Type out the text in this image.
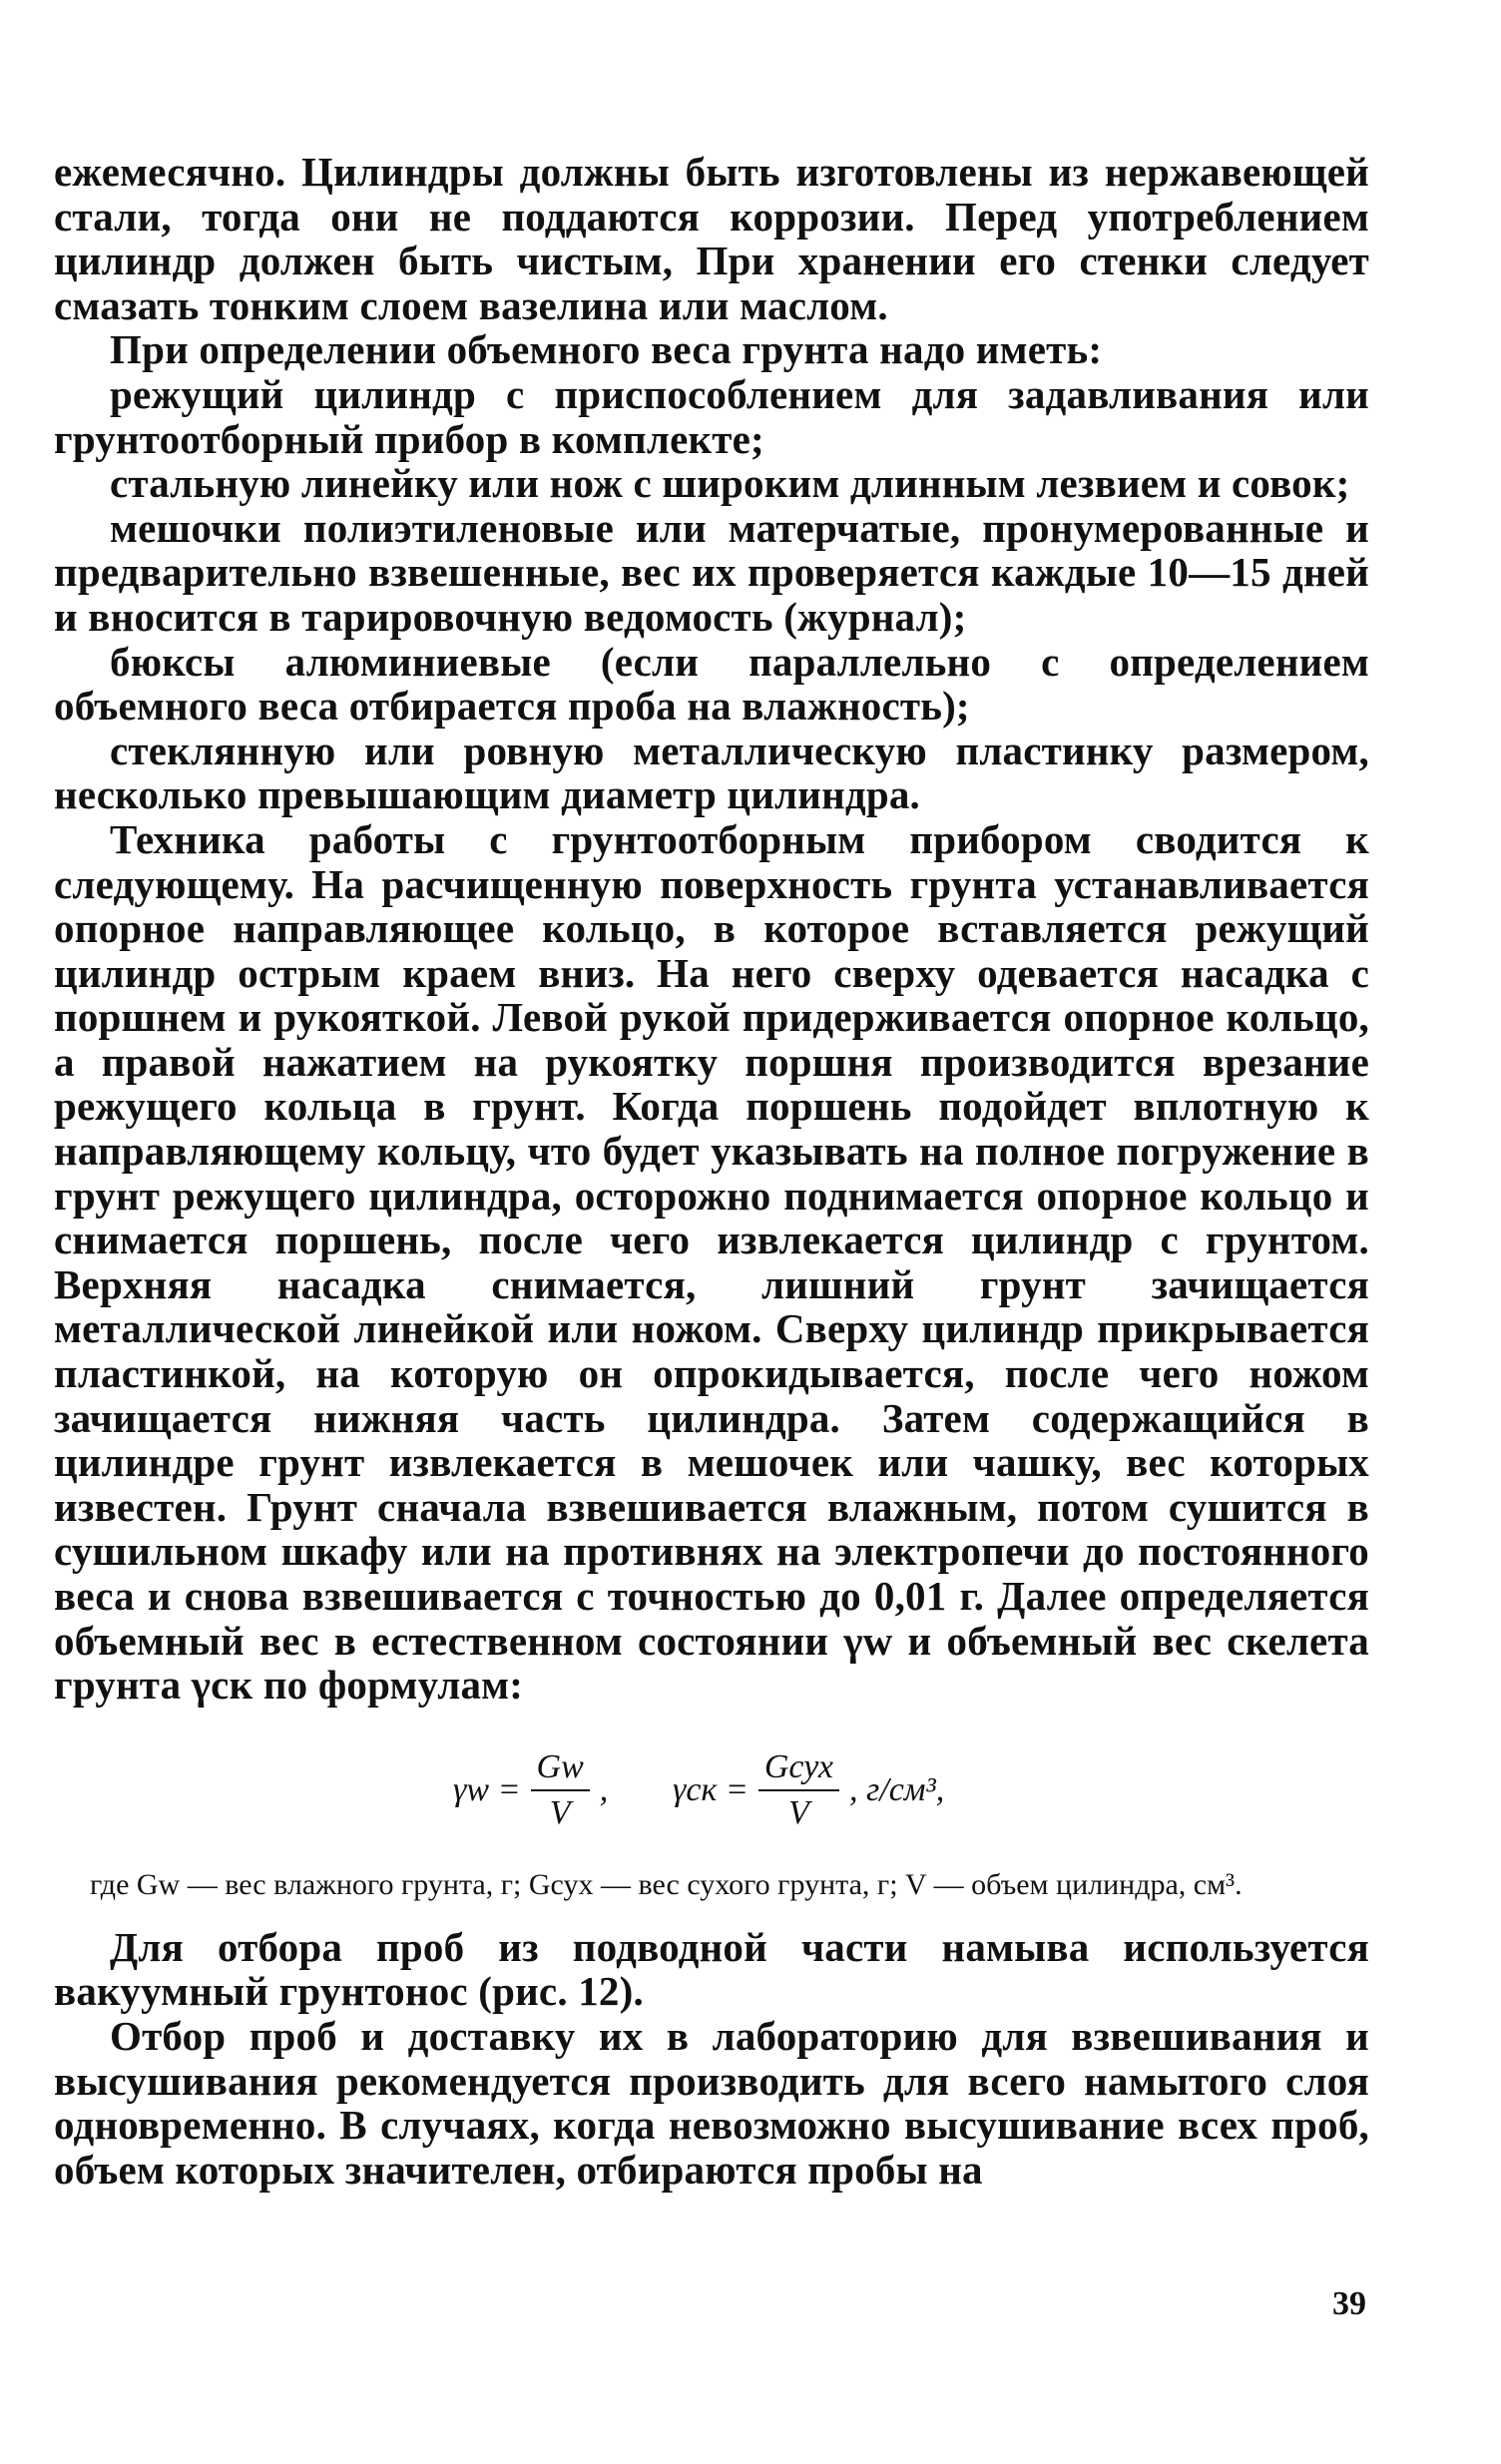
ежемесячно. Цилиндры должны быть изготовлены из нержавеющей стали, тогда они не поддаются коррозии. Перед употреблением цилиндр должен быть чистым, При хранении его стенки следует смазать тонким слоем вазелина или маслом.

При определении объемного веса грунта надо иметь:

режущий цилиндр с приспособлением для задавливания или грунтоотборный прибор в комплекте;

стальную линейку или нож с широким длинным лезвием и совок;

мешочки полиэтиленовые или матерчатые, пронумерованные и предварительно взвешенные, вес их проверяется каждые 10—15 дней и вносится в тарировочную ведомость (журнал);

бюксы алюминиевые (если параллельно с определением объемного веса отбирается проба на влажность);

стеклянную или ровную металлическую пластинку размером, несколько превышающим диаметр цилиндра.

Техника работы с грунтоотборным прибором сводится к следующему. На расчищенную поверхность грунта устанавливается опорное направляющее кольцо, в которое вставляется режущий цилиндр острым краем вниз. На него сверху одевается насадка с поршнем и рукояткой. Левой рукой придерживается опорное кольцо, а правой нажатием на рукоятку поршня производится врезание режущего кольца в грунт. Когда поршень подойдет вплотную к направляющему кольцу, что будет указывать на полное погружение в грунт режущего цилиндра, осторожно поднимается опорное кольцо и снимается поршень, после чего извлекается цилиндр с грунтом. Верхняя насадка снимается, лишний грунт зачищается металлической линейкой или ножом. Сверху цилиндр прикрывается пластинкой, на которую он опрокидывается, после чего ножом зачищается нижняя часть цилиндра. Затем содержащийся в цилиндре грунт извлекается в мешочек или чашку, вес которых известен. Грунт сначала взвешивается влажным, потом сушится в сушильном шкафу или на противнях на электропечи до постоянного веса и снова взвешивается с точностью до 0,01 г. Далее определяется объемный вес в естественном состоянии γw и объемный вес скелета грунта γск по формулам:

$\gamma w = \frac{Gw}{V}$ , $\gamma ск = \frac{\text{Gсух}}{V}$ , г/см³,

где Gw — вес влажного грунта, г; Gсух — вес сухого грунта, г; V — объем цилиндра, см³.

Для отбора проб из подводной части намыва используется вакуумный грунтонос (рис. 12).

Отбор проб и доставку их в лабораторию для взвешивания и высушивания рекомендуется производить для всего намытого слоя одновременно. В случаях, когда невозможно высушивание всех проб, объем которых значителен, отбираются пробы на

39
